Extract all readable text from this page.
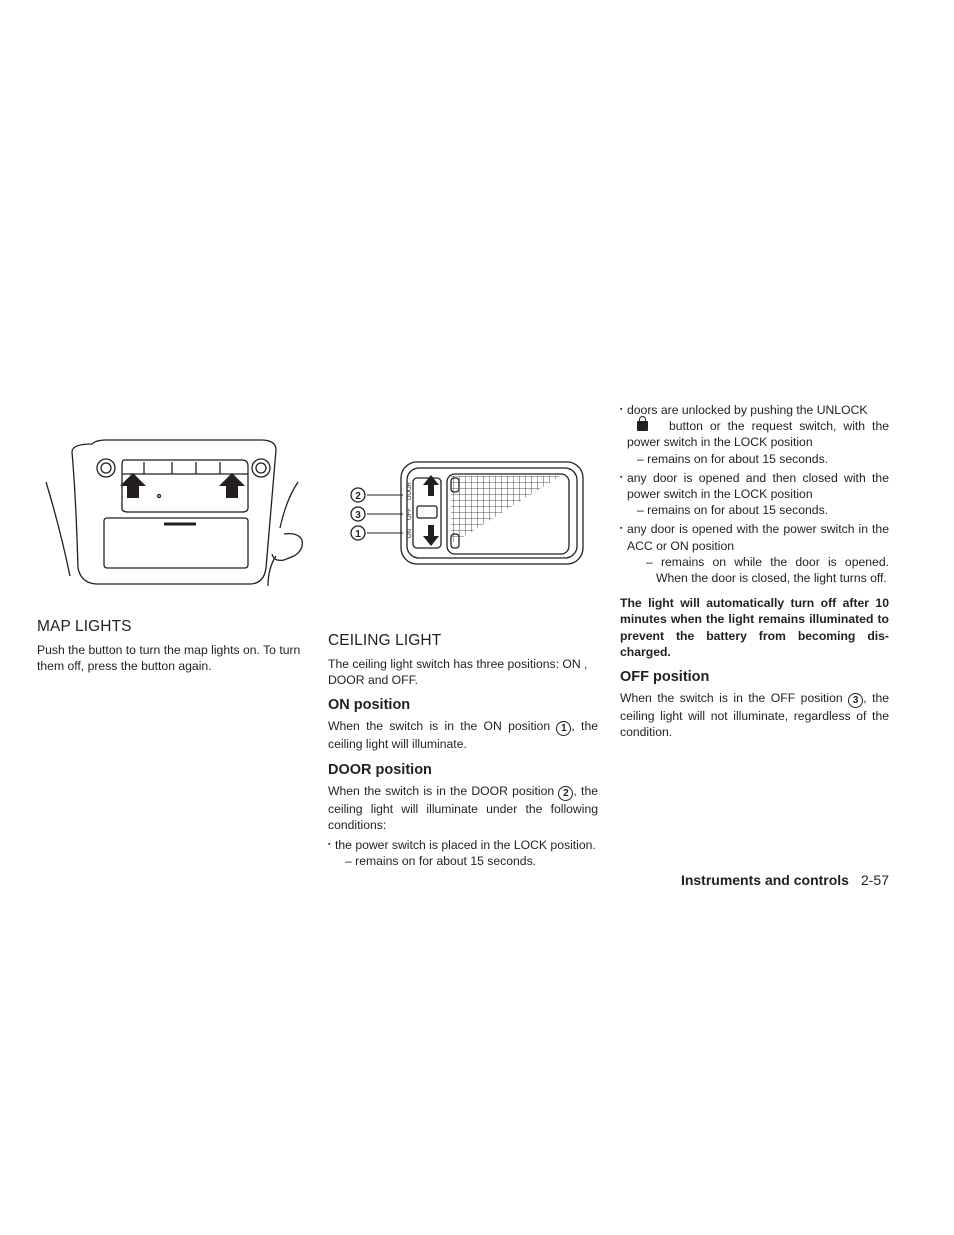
DOOR
OFF
ON
2
3
1
MAP LIGHTS

Push the button to turn the map lights on. To turn them off, press the button again.

CEILING LIGHT

The ceiling light switch has three positions: ON , DOOR and OFF.

ON position

When the switch is in the ON position 1 , the ceiling light will illuminate.

DOOR position

When the switch is in the DOOR position 2 , the ceiling light will illuminate under the following conditions:

▪ the power switch is placed in the LOCK position.
– remains on for about 15 seconds.
▪ doors are unlocked by pushing the UNLOCK
button or the request switch, with the power switch in the LOCK position
– remains on for about 15 seconds.
▪ any door is opened and then closed with the power switch in the LOCK position
– remains on for about 15 seconds.
▪ any door is opened with the power switch in the ACC or ON position
– remains on while the door is opened. When the door is closed, the light turns off.

The light will automatically turn off after 10 minutes when the light remains illuminated to prevent the battery from becoming dis-charged.

OFF position

When the switch is in the OFF position 3 , the ceiling light will not illuminate, regardless of the condition.

Instruments and controls 2-57
